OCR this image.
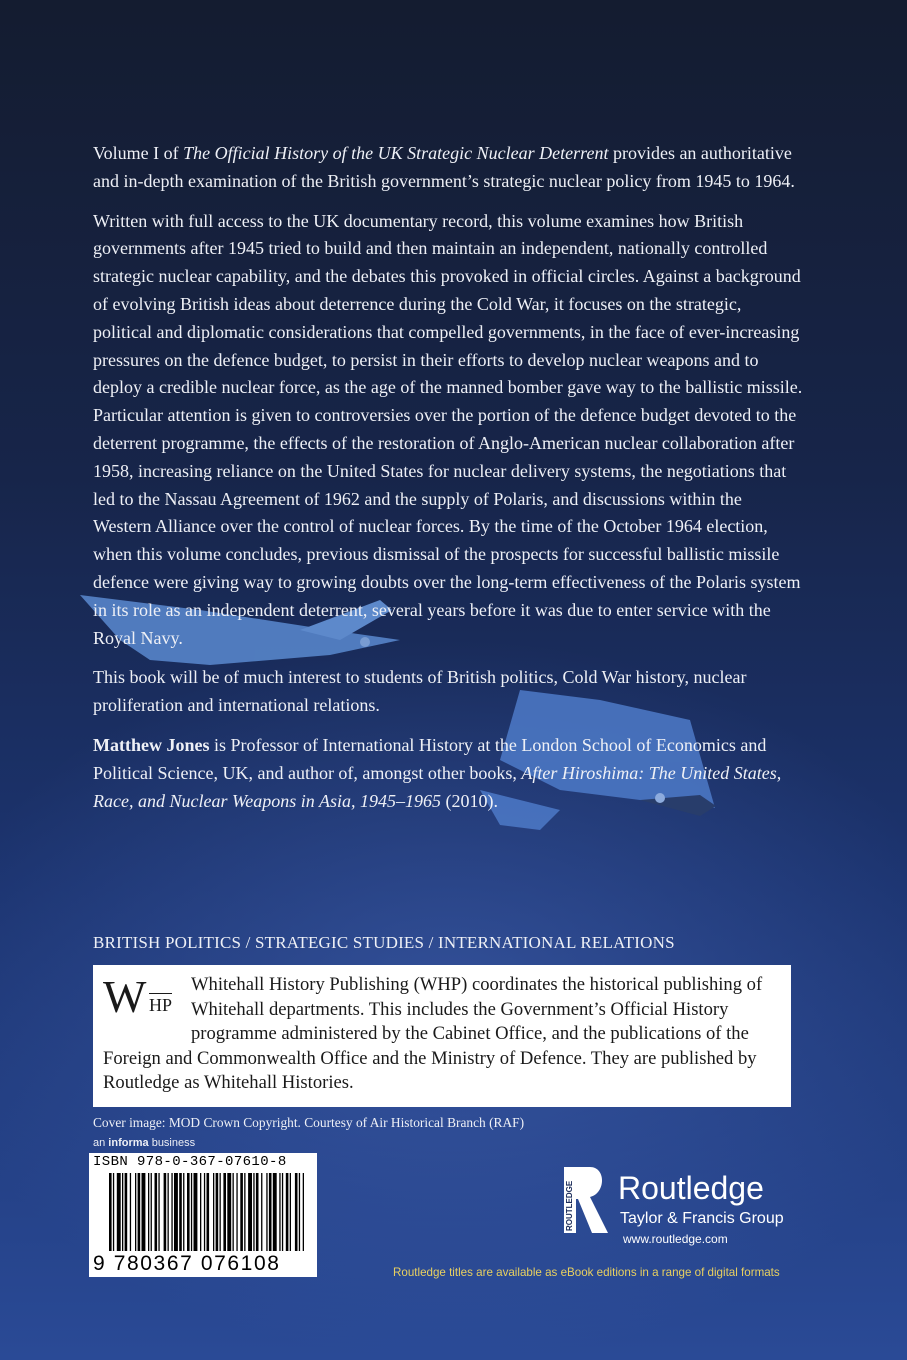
Volume I of The Official History of the UK Strategic Nuclear Deterrent provides an authoritative and in-depth examination of the British government’s strategic nuclear policy from 1945 to 1964.

Written with full access to the UK documentary record, this volume examines how British governments after 1945 tried to build and then maintain an independent, nationally controlled strategic nuclear capability, and the debates this provoked in official circles. Against a background of evolving British ideas about deterrence during the Cold War, it focuses on the strategic, political and diplomatic considerations that compelled governments, in the face of ever-increasing pressures on the defence budget, to persist in their efforts to develop nuclear weapons and to deploy a credible nuclear force, as the age of the manned bomber gave way to the ballistic missile. Particular attention is given to controversies over the portion of the defence budget devoted to the deterrent programme, the effects of the restoration of Anglo-American nuclear collaboration after 1958, increasing reliance on the United States for nuclear delivery systems, the negotiations that led to the Nassau Agreement of 1962 and the supply of Polaris, and discussions within the Western Alliance over the control of nuclear forces. By the time of the October 1964 election, when this volume concludes, previous dismissal of the prospects for successful ballistic missile defence were giving way to growing doubts over the long-term effectiveness of the Polaris system in its role as an independent deterrent, several years before it was due to enter service with the Royal Navy.

This book will be of much interest to students of British politics, Cold War history, nuclear proliferation and international relations.

Matthew Jones is Professor of International History at the London School of Economics and Political Science, UK, and author of, amongst other books, After Hiroshima: The United States, Race, and Nuclear Weapons in Asia, 1945–1965 (2010).

BRITISH POLITICS / STRATEGIC STUDIES / INTERNATIONAL RELATIONS
W HP

Whitehall History Publishing (WHP) coordinates the historical publishing of Whitehall departments. This includes the Government’s Official History programme administered by the Cabinet Office, and the publications of the Foreign and Commonwealth Office and the Ministry of Defence. They are published by Routledge as Whitehall Histories.

Cover image: MOD Crown Copyright. Courtesy of Air Historical Branch (RAF)
an informa business
ISBN 978-0-367-07610-8
9 780367 076108
ROUTLEDGE Routledge
Taylor & Francis Group
www.routledge.com
Routledge titles are available as eBook editions in a range of digital formats
